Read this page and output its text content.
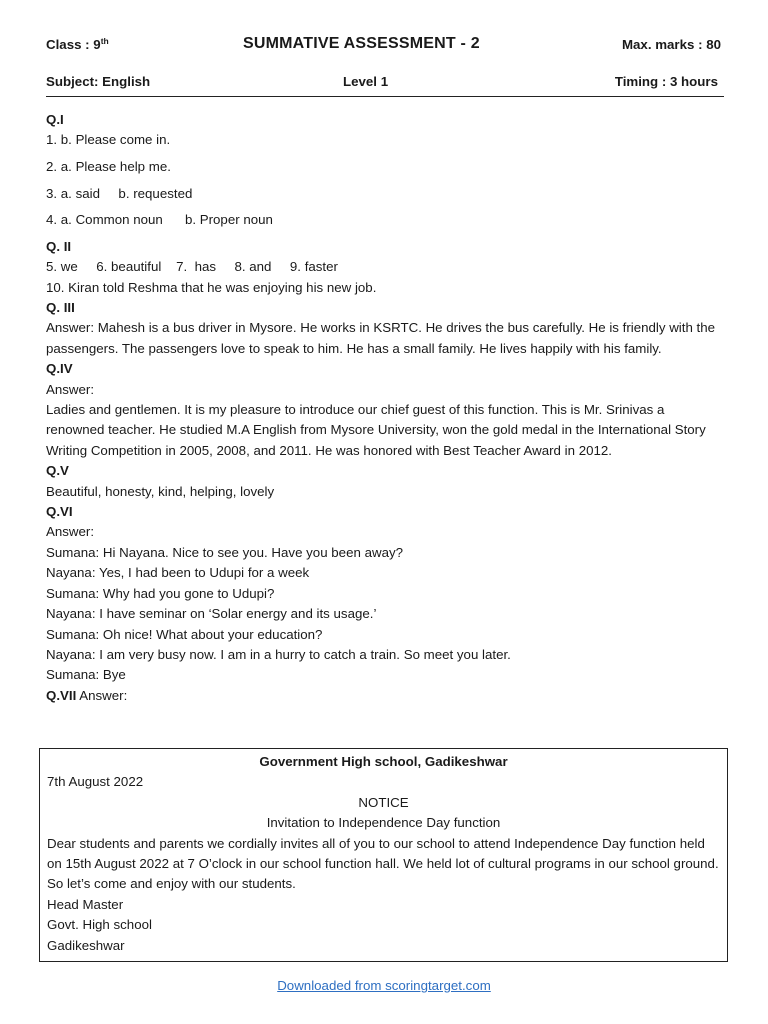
Class : 9th	SUMMATIVE ASSESSMENT - 2	Max. marks : 80
Subject: English	Level 1	Timing : 3 hours
Q.I
1. b. Please come in.
2. a. Please help me.
3. a. said     b. requested
4. a. Common noun      b. Proper noun
Q. II
5. we     6. beautiful    7.  has     8. and     9. faster
10. Kiran told Reshma that he was enjoying his new job.
Q. III
Answer: Mahesh is a bus driver in Mysore. He works in KSRTC. He drives the bus carefully. He is friendly with the passengers. The passengers love to speak to him. He has a small family. He lives happily with his family.
Q.IV
Answer:
Ladies and gentlemen. It is my pleasure to introduce our chief guest of this function. This is Mr. Srinivas a renowned teacher. He studied M.A English from Mysore University, won the gold medal in the International Story Writing Competition in 2005, 2008, and 2011. He was honored with Best Teacher Award in 2012.
Q.V
Beautiful, honesty, kind, helping, lovely
Q.VI
Answer:
Sumana: Hi Nayana. Nice to see you. Have you been away?
Nayana: Yes, I had been to Udupi for a week
Sumana: Why had you gone to Udupi?
Nayana: I have seminar on ‘Solar energy and its usage.’
Sumana: Oh nice! What about your education?
Nayana: I am very busy now. I am in a hurry to catch a train. So meet you later.
Sumana: Bye
Q.VII Answer:
Government High school, Gadikeshwar
7th August 2022
NOTICE
Invitation to Independence Day function
Dear students and parents we cordially invites all of you to our school to attend Independence Day function held on 15th August 2022 at 7 O’clock in our school function hall. We held lot of cultural programs in our school ground. So let’s come and enjoy with our students.
Head Master
Govt. High school
Gadikeshwar
Downloaded from scoringtarget.com
